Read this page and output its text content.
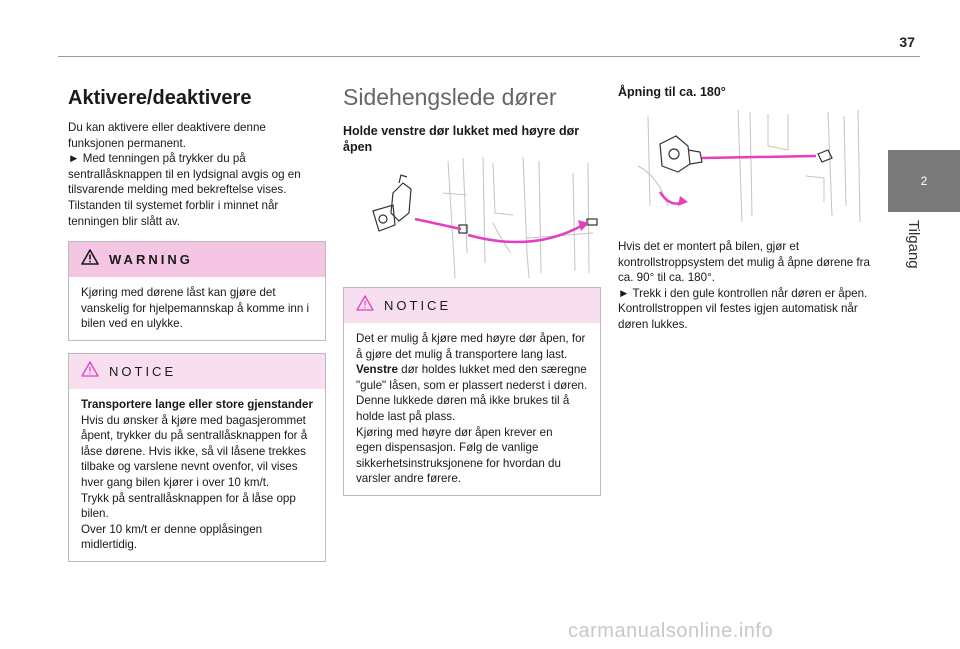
37
2
Tilgang
Aktivere/deaktivere

Du kan aktivere eller deaktivere denne

funksjonen permanent.

► Med tenningen på trykker du på

sentrallåsknappen til en lydsignal avgis og en

tilsvarende melding med bekreftelse vises.

Tilstanden til systemet forblir i minnet når

tenningen blir slått av.

WARNING

Kjøring med dørene låst kan gjøre det

vanskelig for hjelpemannskap å komme inn i

bilen ved en ulykke.

NOTICE

Transportere lange eller store gjenstander

Hvis du ønsker å kjøre med bagasjerommet

åpent, trykker du på sentrallåsknappen for å

låse dørene. Hvis ikke, så vil låsene trekkes

tilbake og varslene nevnt ovenfor, vil vises

hver gang bilen kjører i over 10 km/t.

Trykk på sentrallåsknappen for å låse opp

bilen.

Over 10 km/t er denne opplåsingen

midlertidig.

Sidehengslede dører

Holde venstre dør lukket med høyre dør

åpen

NOTICE

Det er mulig å kjøre med høyre dør åpen, for

å gjøre det mulig å transportere lang last.

Venstre dør holdes lukket med den særegne

"gule" låsen, som er plassert nederst i døren.

Denne lukkede døren må ikke brukes til å

holde last på plass.

Kjøring med høyre dør åpen krever en

egen dispensasjon. Følg de vanlige

sikkerhetsinstruksjonene for hvordan du

varsler andre førere.

Åpning til ca. 180°

Hvis det er montert på bilen, gjør et

kontrollstroppsystem det mulig å åpne dørene fra

ca. 90° til ca. 180°.

► Trekk i den gule kontrollen når døren er åpen.

Kontrollstroppen vil festes igjen automatisk når

døren lukkes.

carmanualsonline.info
